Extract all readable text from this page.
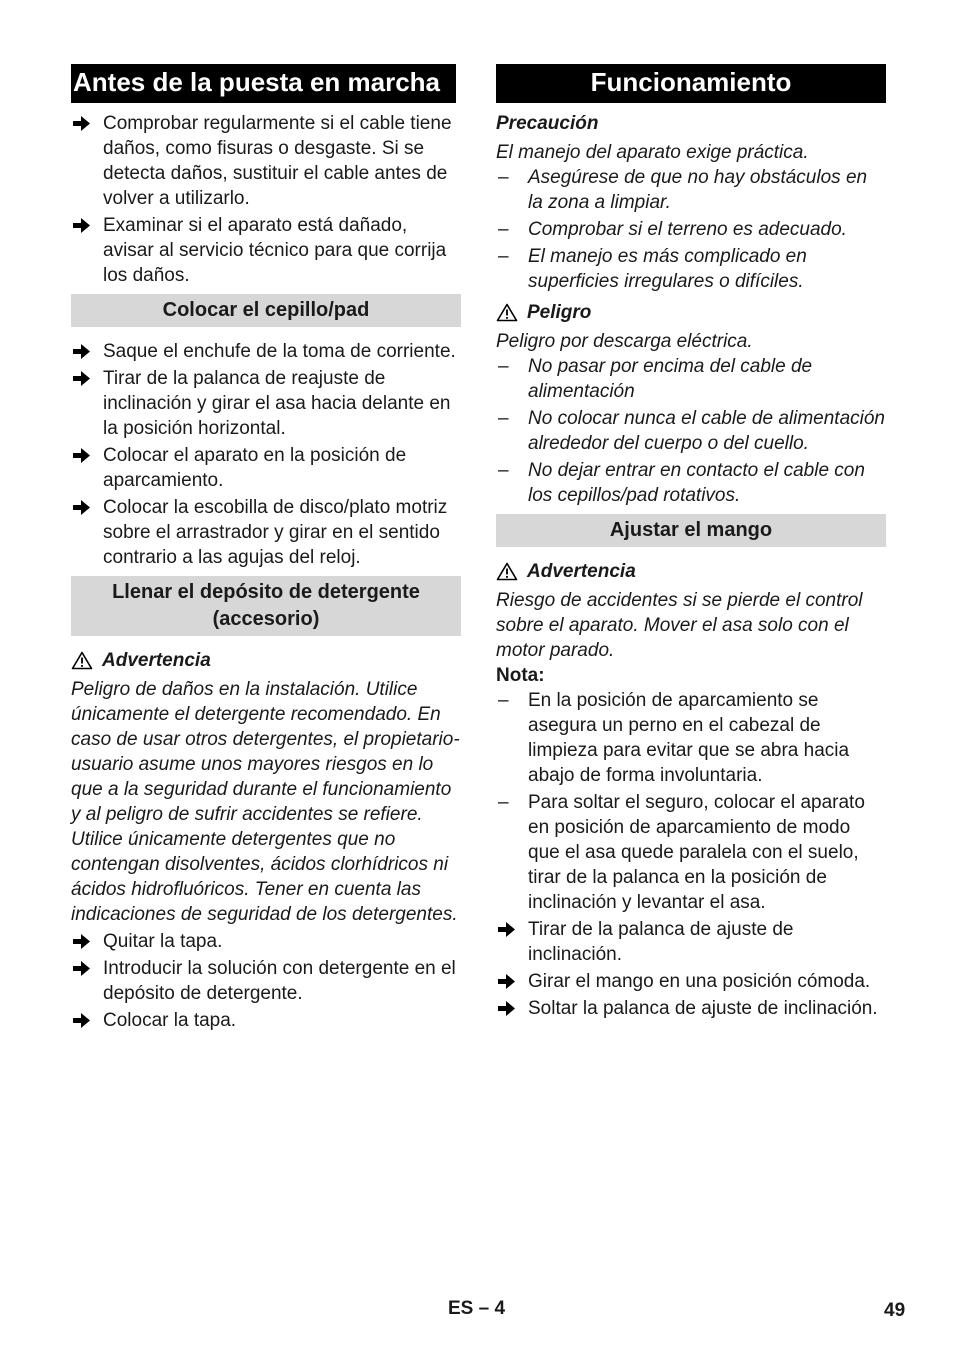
Antes de la puesta en marcha
Comprobar regularmente si el cable tiene daños, como fisuras o desgaste. Si se detecta daños, sustituir el cable antes de volver a utilizarlo.
Examinar si el aparato está dañado, avisar al servicio técnico para que corrija los daños.
Colocar el cepillo/pad
Saque el enchufe de la toma de corriente.
Tirar de la palanca de reajuste de inclinación y girar el asa hacia delante en la posición horizontal.
Colocar el aparato en la posición de aparcamiento.
Colocar la escobilla de disco/plato motriz sobre el arrastrador y girar en el sentido contrario a las agujas del reloj.
Llenar el depósito de detergente (accesorio)
Advertencia
Peligro de daños en la instalación. Utilice únicamente el detergente recomendado. En caso de usar otros detergentes, el propietario-usuario asume unos mayores riesgos en lo que a la seguridad durante el funcionamiento y al peligro de sufrir accidentes se refiere. Utilice únicamente detergentes que no contengan disolventes, ácidos clorhídricos ni ácidos hidrofluóricos. Tener en cuenta las indicaciones de seguridad de los detergentes.
Quitar la tapa.
Introducir la solución con detergente en el depósito de detergente.
Colocar la tapa.
Funcionamiento
Precaución
El manejo del aparato exige práctica.
–	Asegúrese de que no hay obstáculos en la zona a limpiar.
–	Comprobar si el terreno es adecuado.
–	El manejo es más complicado en superficies irregulares o difíciles.
Peligro
Peligro por descarga eléctrica.
–	No pasar por encima del cable de alimentación
–	No colocar nunca el cable de alimentación alrededor del cuerpo o del cuello.
–	No dejar entrar en contacto el cable con los cepillos/pad rotativos.
Ajustar el mango
Advertencia
Riesgo de accidentes si se pierde el control sobre el aparato. Mover el asa solo con el motor parado.
Nota:
–	En la posición de aparcamiento se asegura un perno en el cabezal de limpieza para evitar que se abra hacia abajo de forma involuntaria.
–	Para soltar el seguro, colocar el aparato en posición de aparcamiento de modo que el asa quede paralela con el suelo, tirar de la palanca en la posición de inclinación y levantar el asa.
Tirar de la palanca de ajuste de inclinación.
Girar el mango en una posición cómoda.
Soltar la palanca de ajuste de inclinación.
ES – 4	49
